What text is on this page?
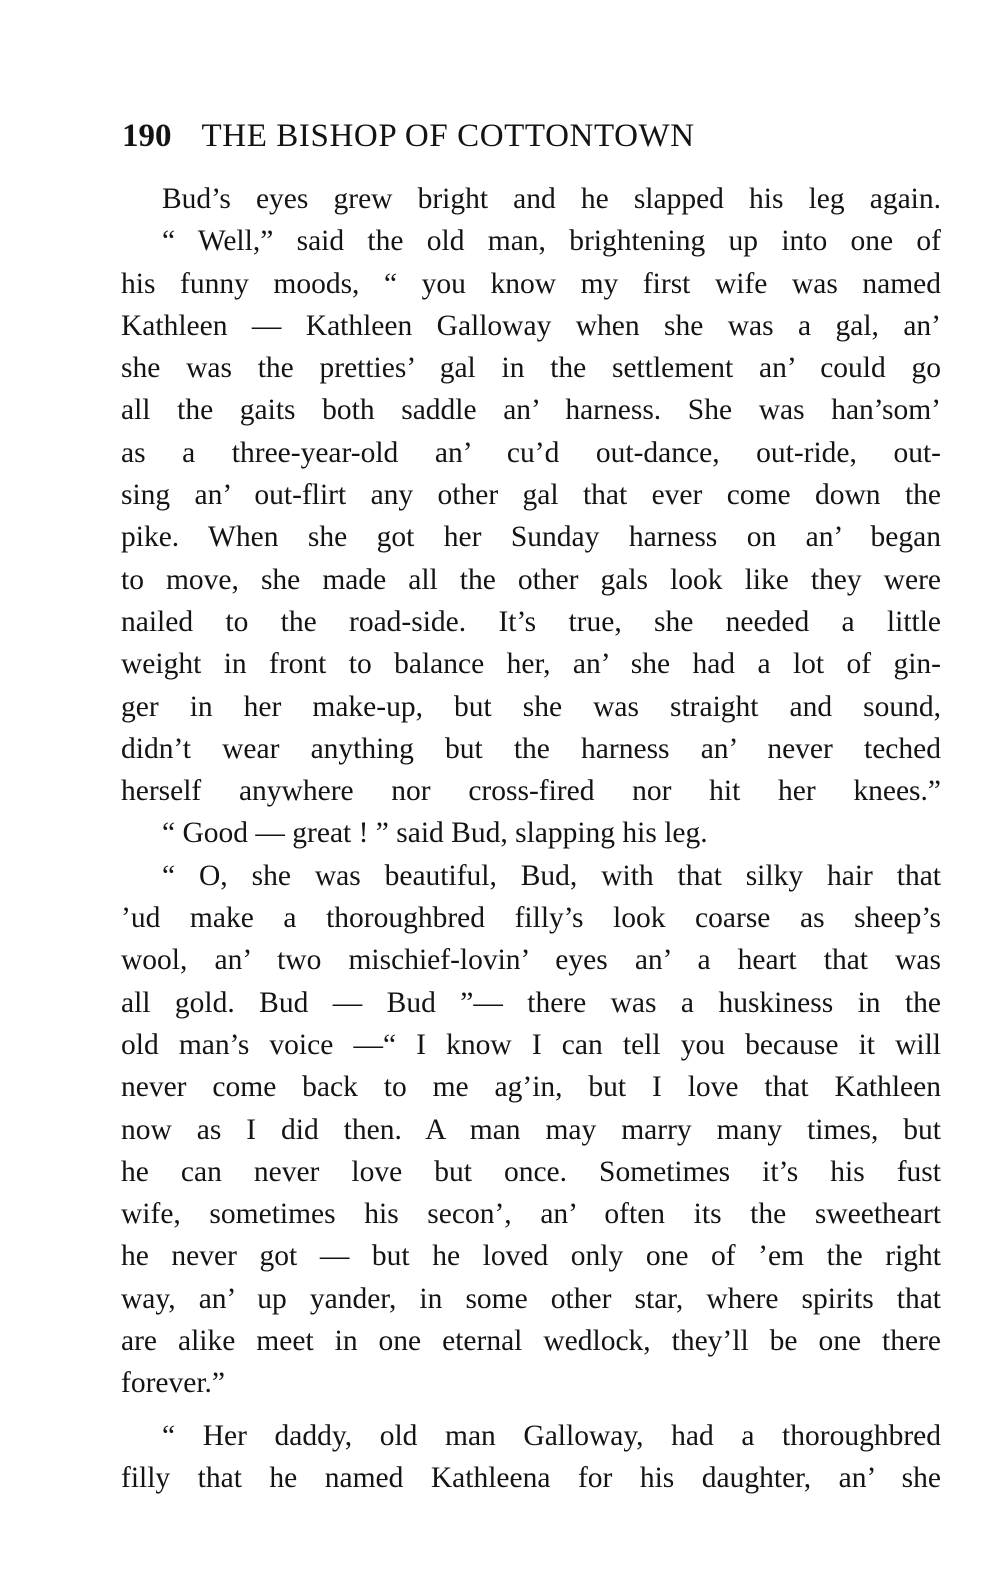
190 THE BISHOP OF COTTONTOWN
Bud’s eyes grew bright and he slapped his leg again.
“ Well,” said the old man, brightening up into one of
his funny moods, “ you know my first wife was named
Kathleen — Kathleen Galloway when she was a gal, an’
she was the pretties’ gal in the settlement an’ could go
all the gaits both saddle an’ harness. She was han’som’
as a three-year-old an’ cu’d out-dance, out-ride, out-
sing an’ out-flirt any other gal that ever come down the
pike. When she got her Sunday harness on an’ began
to move, she made all the other gals look like they were
nailed to the road-side. It’s true, she needed a little
weight in front to balance her, an’ she had a lot of gin-
ger in her make-up, but she was straight and sound,
didn’t wear anything but the harness an’ never teched
herself anywhere nor cross-fired nor hit her knees.”
“ Good — great ! ” said Bud, slapping his leg.
“ O, she was beautiful, Bud, with that silky hair that
’ud make a thoroughbred filly’s look coarse as sheep’s
wool, an’ two mischief-lovin’ eyes an’ a heart that was
all gold. Bud — Bud ”— there was a huskiness in the
old man’s voice —“ I know I can tell you because it will
never come back to me ag’in, but I love that Kathleen
now as I did then. A man may marry many times, but
he can never love but once. Sometimes it’s his fust
wife, sometimes his secon’, an’ often its the sweetheart
he never got — but he loved only one of ’em the right
way, an’ up yander, in some other star, where spirits that
are alike meet in one eternal wedlock, they’ll be one there
forever.”
“ Her daddy, old man Galloway, had a thoroughbred
filly that he named Kathleena for his daughter, an’ she
